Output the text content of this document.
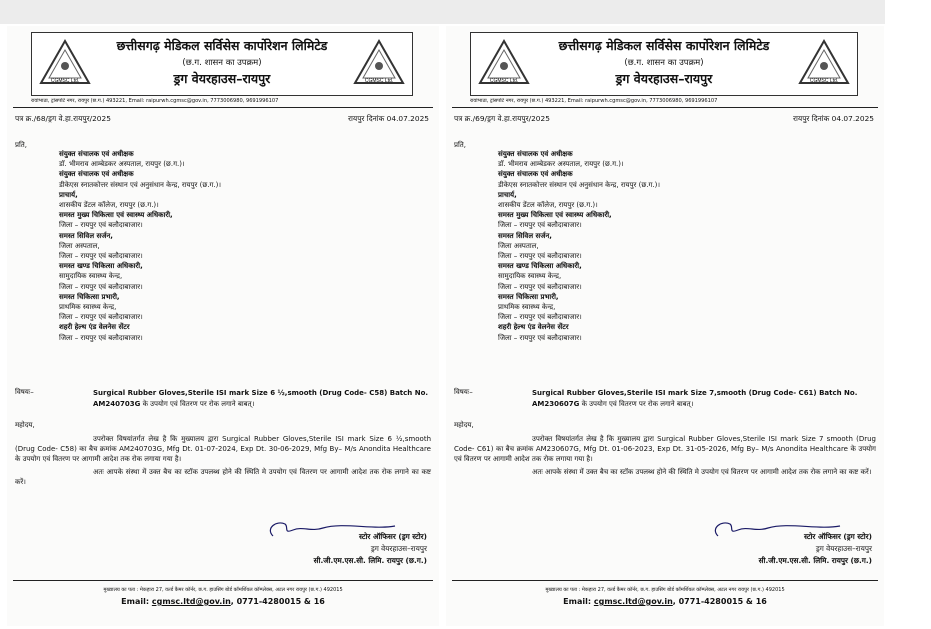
CGMSC Ltd.
छत्तीसगढ़ मेडिकल सर्विसेस कार्पोरेशन लिमिटेड
(छ.ग. शासन का उपक्रम)
ड्रग वेयरहाउस–रायपुर	CGMSC Ltd.
रावांभाठा, ट्रांसपोर्ट नगर, रायपुर (छ.ग.) 493221, Email: raipurwh.cgmsc@gov.in, 7773006980, 9691996107
पत्र क्र./68/ड्रग वे.हा.रायपुर/2025	रायपुर दिनांक 04.07.2025
प्रति,
संयुक्त संचालक एवं अधीक्षक
डॉ. भीमराव आम्बेडकर अस्पताल, रायपुर (छ.ग.)।
संयुक्त संचालक एवं अधीक्षक
डीकेएस स्नातकोत्तर संस्थान एवं अनुसंधान केन्द्र, रायपुर (छ.ग.)।
प्राचार्य,
शासकीय डेंटल कॉलेज, रायपुर (छ.ग.)।
समस्त मुख्य चिकित्सा एवं स्वास्थ्य अधिकारी,
जिला – रायपुर एवं बलौदाबाजार।
समस्त सिविल सर्जन,
जिला अस्पताल,
जिला – रायपुर एवं बलौदाबाजार।
समस्त खण्ड चिकित्सा अधिकारी,
सामुदायिक स्वास्थ्य केन्द्र,
जिला – रायपुर एवं बलौदाबाजार।
समस्त चिकित्सा प्रभारी,
प्राथमिक स्वास्थ्य केन्द्र,
जिला – रायपुर एवं बलौदाबाजार।
शहरी हेल्थ एंड वेलनेस सेंटर
जिला – रायपुर एवं बलौदाबाजार।
विषयः–	Surgical Rubber Gloves,Sterile ISI mark Size 6 ½,smooth (Drug Code- C58) Batch No. AM240703G के उपयोग एवं वितरण पर रोक लगाने बाबत्।
महोदय,

उपरोक्त विषयांतर्गत लेख है कि मुख्यालय द्वारा Surgical Rubber Gloves,Sterile ISI mark Size 6 ½,smooth (Drug Code- C58) का बैच क्रमांक AM240703G, Mfg Dt. 01-07-2024, Exp Dt. 30-06-2029, Mfg By– M/s Anondita Healthcare के उपयोग एवं वितरण पर आगामी आदेश तक रोक लगाया गया है।

अतः आपके संस्था में उक्त बैच का स्टॉक उपलब्ध होने की स्थिति मे उपयोग एवं वितरण पर आगामी आदेश तक रोक लगाने का कष्ट करें।

स्टोर ऑफिसर (ड्रग स्टोर)
ड्रग वेयरहाउस–रायपुर
सी.जी.एम.एस.सी. लिमि. रायपुर (छ.ग.)
मुख्यालय का पता : मेकहारा 27, वर्ल्ड कैमर कॉर्नर, छ.ग. हाउसिंग बोर्ड कॉमर्शियल कॉम्प्लेक्स, अटल नगर रायपुर (छ.ग.) 492015
Email: cgmsc.ltd@gov.in, 0771-4280015 & 16
CGMSC Ltd.
छत्तीसगढ़ मेडिकल सर्विसेस कार्पोरेशन लिमिटेड
(छ.ग. शासन का उपक्रम)
ड्रग वेयरहाउस–रायपुर	CGMSC Ltd.
रावांभाठा, ट्रांसपोर्ट नगर, रायपुर (छ.ग.) 493221, Email: raipurwh.cgmsc@gov.in, 7773006980, 9691996107
पत्र क्र./69/ड्रग वे.हा.रायपुर/2025	रायपुर दिनांक 04.07.2025
प्रति,
संयुक्त संचालक एवं अधीक्षक
डॉ. भीमराव आम्बेडकर अस्पताल, रायपुर (छ.ग.)।
संयुक्त संचालक एवं अधीक्षक
डीकेएस स्नातकोत्तर संस्थान एवं अनुसंधान केन्द्र, रायपुर (छ.ग.)।
प्राचार्य,
शासकीय डेंटल कॉलेज, रायपुर (छ.ग.)।
समस्त मुख्य चिकित्सा एवं स्वास्थ्य अधिकारी,
जिला – रायपुर एवं बलौदाबाजार।
समस्त सिविल सर्जन,
जिला अस्पताल,
जिला – रायपुर एवं बलौदाबाजार।
समस्त खण्ड चिकित्सा अधिकारी,
सामुदायिक स्वास्थ्य केन्द्र,
जिला – रायपुर एवं बलौदाबाजार।
समस्त चिकित्सा प्रभारी,
प्राथमिक स्वास्थ्य केन्द्र,
जिला – रायपुर एवं बलौदाबाजार।
शहरी हेल्थ एंड वेलनेस सेंटर
जिला – रायपुर एवं बलौदाबाजार।
विषयः–	Surgical Rubber Gloves,Sterile ISI mark Size 7,smooth (Drug Code- C61) Batch No. AM230607G के उपयोग एवं वितरण पर रोक लगाने बाबत्।
महोदय,

उपरोक्त विषयांतर्गत लेख है कि मुख्यालय द्वारा Surgical Rubber Gloves,Sterile ISI mark Size 7 smooth (Drug Code- C61) का बैच क्रमांक AM230607G, Mfg Dt. 01-06-2023, Exp Dt. 31-05-2026, Mfg By– M/s Anondita Healthcare के उपयोग एवं वितरण पर आगामी आदेश तक रोक लगाया गया है।

अतः आपके संस्था में उक्त बैच का स्टॉक उपलब्ध होने की स्थिति मे उपयोग एवं वितरण पर आगामी आदेश तक रोक लगाने का कष्ट करें।

स्टोर ऑफिसर (ड्रग स्टोर)
ड्रग वेयरहाउस–रायपुर
सी.जी.एम.एस.सी. लिमि. रायपुर (छ.ग.)
मुख्यालय का पता : मेकहारा 27, वर्ल्ड कैमर कॉर्नर, छ.ग. हाउसिंग बोर्ड कॉमर्शियल कॉम्प्लेक्स, अटल नगर रायपुर (छ.ग.) 492015
Email: cgmsc.ltd@gov.in, 0771-4280015 & 16
